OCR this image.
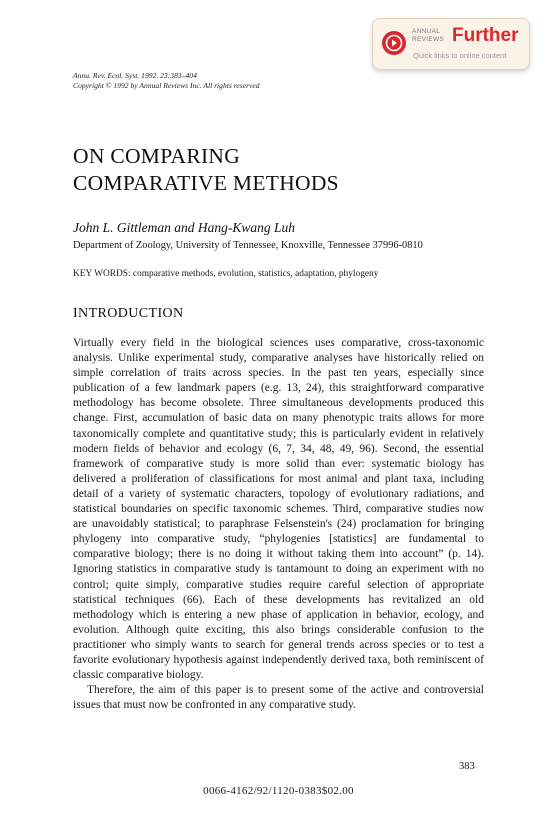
ANNUAL
REVIEWS Further
Quick links to online content
Annu. Rev. Ecol. Syst. 1992. 23:383–404
Copyright © 1992 by Annual Reviews Inc. All rights reserved
ON COMPARING
COMPARATIVE METHODS
John L. Gittleman and Hang-Kwang Luh
Department of Zoology, University of Tennessee, Knoxville, Tennessee 37996-0810
KEY WORDS: comparative methods, evolution, statistics, adaptation, phylogeny
INTRODUCTION

Virtually every field in the biological sciences uses comparative, cross-taxonomic analysis. Unlike experimental study, comparative analyses have historically relied on simple correlation of traits across species. In the past ten years, especially since publication of a few landmark papers (e.g. 13, 24), this straightforward comparative methodology has become obsolete. Three simultaneous developments produced this change. First, accumulation of basic data on many phenotypic traits allows for more taxonomically complete and quantitative study; this is particularly evident in relatively modern fields of behavior and ecology (6, 7, 34, 48, 49, 96). Second, the essential framework of comparative study is more solid than ever: systematic biology has delivered a proliferation of classifications for most animal and plant taxa, including detail of a variety of systematic characters, topology of evolutionary radiations, and statistical boundaries on specific taxonomic schemes. Third, comparative studies now are unavoidably statistical; to paraphrase Felsenstein's (24) proclamation for bringing phylogeny into comparative study, “phylogenies [statistics] are fundamental to comparative biology; there is no doing it without taking them into account” (p. 14). Ignoring statistics in comparative study is tantamount to doing an experiment with no control; quite simply, comparative studies require careful selection of appropriate statistical techniques (66). Each of these developments has revitalized an old methodology which is entering a new phase of application in behavior, ecology, and evolution. Although quite exciting, this also brings considerable confusion to the practitioner who simply wants to search for general trends across species or to test a favorite evolutionary hypothesis against independently derived taxa, both reminiscent of classic comparative biology.

Therefore, the aim of this paper is to present some of the active and controversial issues that must now be confronted in any comparative study.

383
0066-4162/92/1120-0383$02.00
